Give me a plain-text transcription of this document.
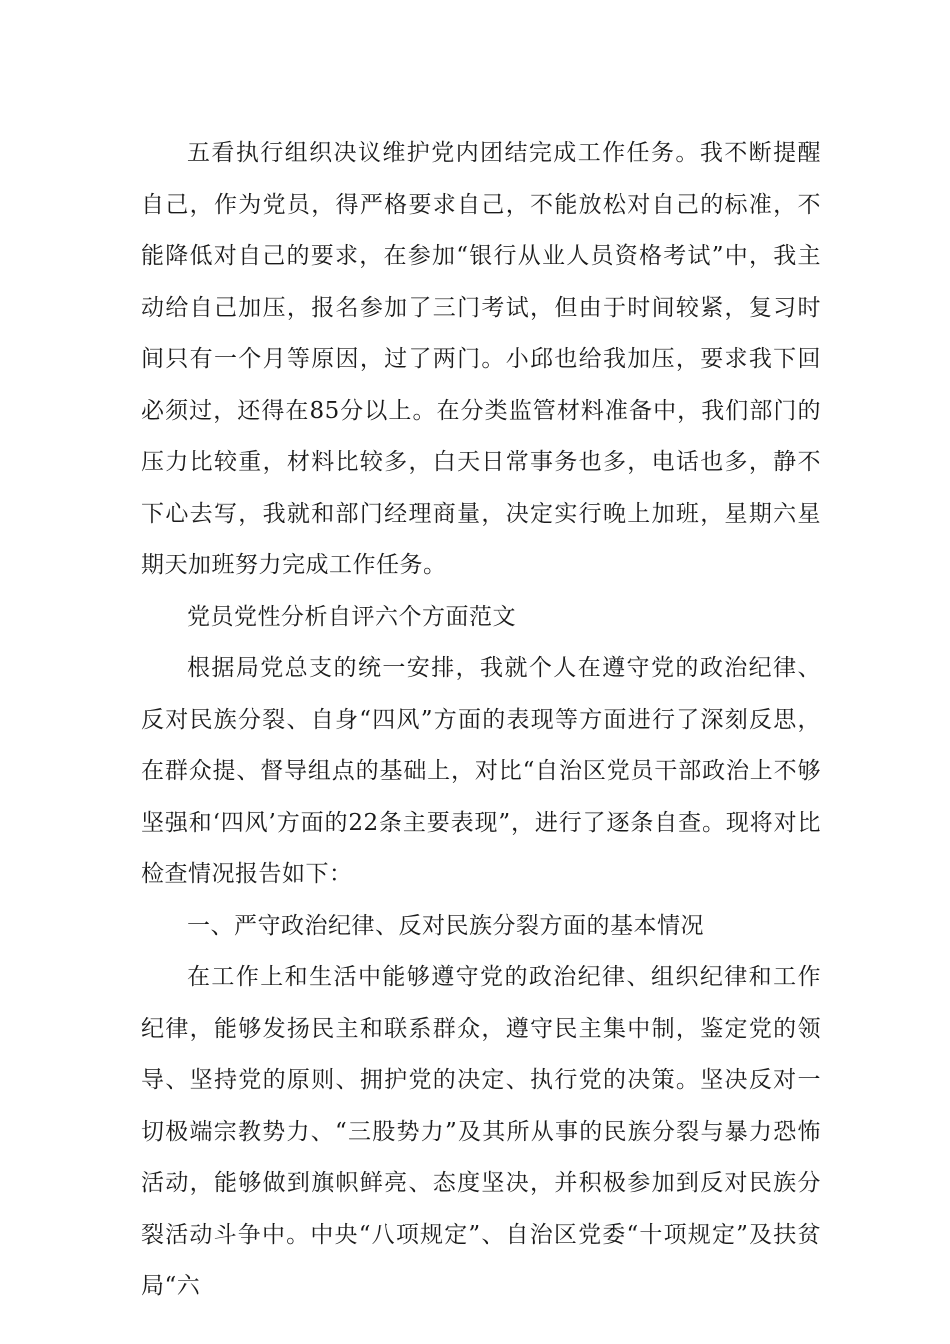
五看执行组织决议维护党内团结完成工作任务。我不断提醒自己，作为党员，得严格要求自己，不能放松对自己的标准，不能降低对自己的要求，在参加“银行从业人员资格考试”中，我主动给自己加压，报名参加了三门考试，但由于时间较紧，复习时间只有一个月等原因，过了两门。小邱也给我加压，要求我下回必须过，还得在85分以上。在分类监管材料准备中，我们部门的压力比较重，材料比较多，白天日常事务也多，电话也多，静不下心去写，我就和部门经理商量，决定实行晚上加班，星期六星期天加班努力完成工作任务。

党员党性分析自评六个方面范文

根据局党总支的统一安排，我就个人在遵守党的政治纪律、反对民族分裂、自身“四风”方面的表现等方面进行了深刻反思，在群众提、督导组点的基础上，对比“自治区党员干部政治上不够坚强和‘四风’方面的22条主要表现”，进行了逐条自查。现将对比检查情况报告如下：

一、严守政治纪律、反对民族分裂方面的基本情况

在工作上和生活中能够遵守党的政治纪律、组织纪律和工作纪律，能够发扬民主和联系群众，遵守民主集中制，鉴定党的领导、坚持党的原则、拥护党的决定、执行党的决策。坚决反对一切极端宗教势力、“三股势力”及其所从事的民族分裂与暴力恐怖活动，能够做到旗帜鲜亮、态度坚决，并积极参加到反对民族分裂活动斗争中。中央“八项规定”、自治区党委“十项规定”及扶贫局“六
